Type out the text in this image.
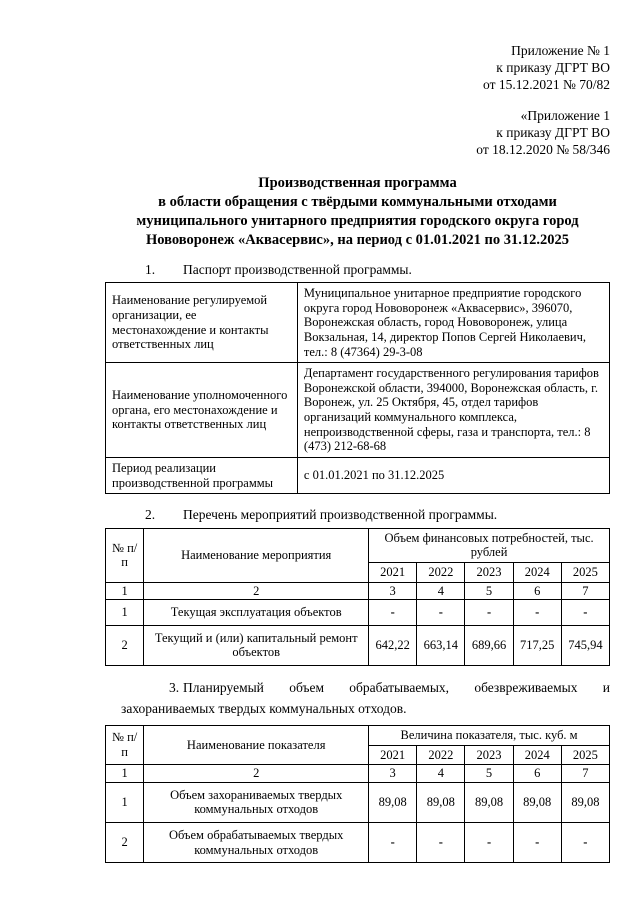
Приложение № 1
к приказу ДГРТ ВО
от 15.12.2021 № 70/82
«Приложение 1
к приказу ДГРТ ВО
от 18.12.2020 № 58/346
Производственная программа
в области обращения с твёрдыми коммунальными отходами
муниципального унитарного предприятия городского округа город
Нововоронеж «Аквасервис», на период с 01.01.2021 по 31.12.2025

1. Паспорт производственной программы.

Наименование регулируемой организации, ее местонахождение и контакты ответственных лиц	Муниципальное унитарное предприятие городского округа город Нововоронеж «Аквасервис», 396070, Воронежская область, город Нововоронеж, улица Вокзальная, 14, директор Попов Сергей Николаевич, тел.: 8 (47364) 29-3-08
Наименование уполномоченного органа, его местонахождение и контакты ответственных лиц	Департамент государственного регулирования тарифов Воронежской области, 394000, Воронежская область, г. Воронеж, ул. 25 Октября, 45, отдел тарифов организаций коммунального комплекса, непроизводственной сферы, газа и транспорта, тел.: 8 (473) 212-68-68
Период реализации производственной программы	с 01.01.2021 по 31.12.2025

2. Перечень мероприятий производственной программы.

№ п/п	Наименование мероприятия	Объем финансовых потребностей, тыс. рублей				
		2021	2022	2023	2024	2025
1	2	3	4	5	6	7
1	Текущая эксплуатация объектов	-	-	-	-	-
2	Текущий и (или) капитальный ремонт объектов	642,22	663,14	689,66	717,25	745,94

3. Планируемый объем обрабатываемых, обезвреживаемых и захораниваемых твердых коммунальных отходов.

№ п/п	Наименование показателя	Величина показателя, тыс. куб. м				
		2021	2022	2023	2024	2025
1	2	3	4	5	6	7
1	Объем захораниваемых твердых коммунальных отходов	89,08	89,08	89,08	89,08	89,08
2	Объем обрабатываемых твердых коммунальных отходов	-	-	-	-	-
